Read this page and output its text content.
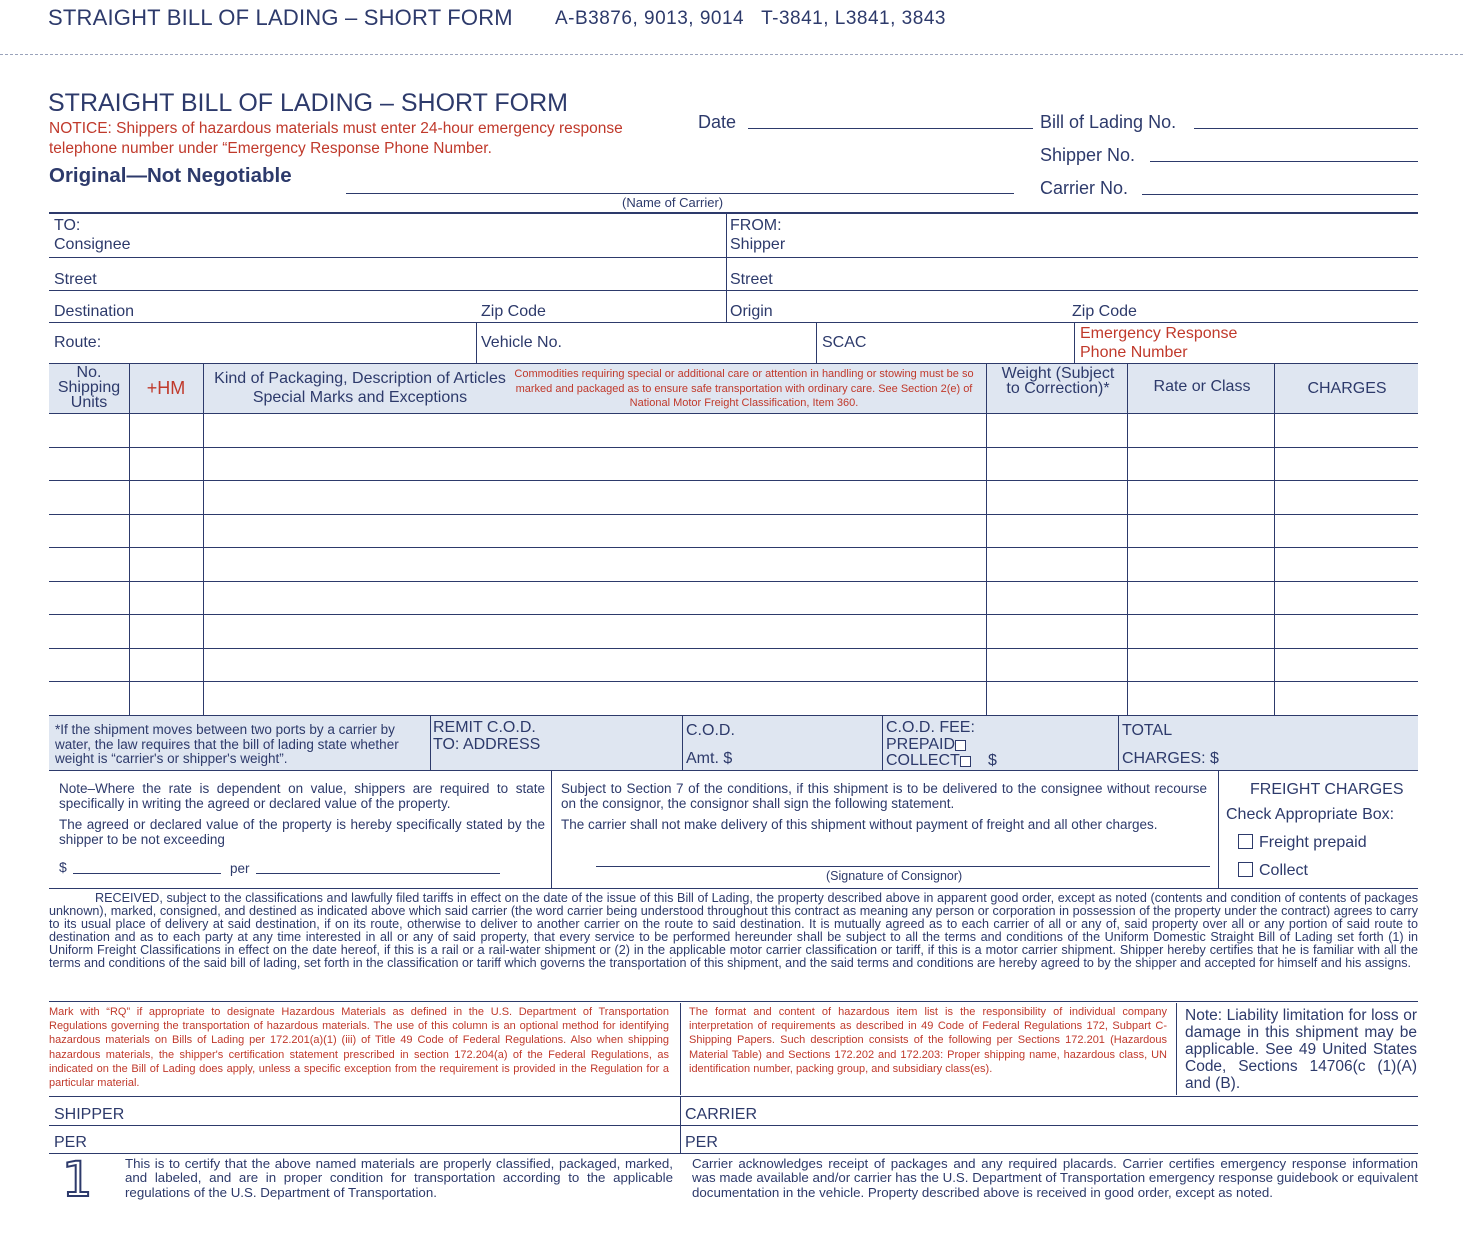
STRAIGHT BILL OF LADING – SHORT FORM A-B3876, 9013, 9014   T-3841, L3841, 3843
STRAIGHT BILL OF LADING – SHORT FORM
NOTICE: Shippers of hazardous materials must enter 24-hour emergency response telephone number under “Emergency Response Phone Number.
Original—Not Negotiable
Date
(Name of Carrier)
Bill of Lading No.
Shipper No.
Carrier No.
TO:
Consignee
FROM:
Shipper
Street	Street
Destination	Zip Code	Origin	Zip Code
Route:	Vehicle No.	SCAC
Emergency Response Phone Number
No. Shipping Units
+HM	Kind of Packaging, Description of Articles Special Marks and Exceptions
Commodities requiring special or additional care or attention in handling or stowing must be so marked and packaged as to ensure safe transportation with ordinary care. See Section 2(e) of National Motor Freight Classification, Item 360.
Weight (Subject to Correction)*	Rate or Class	CHARGES
*If the shipment moves between two ports by a carrier by water, the law requires that the bill of lading state whether weight is “carrier's or shipper's weight”.
REMIT C.O.D. TO: ADDRESS
C.O.D.
Amt. $
C.O.D. FEE:
PREPAID
COLLECT	$
TOTAL
CHARGES: $
Note–Where the rate is dependent on value, shippers are required to state specifically in writing the agreed or declared value of the property.
The agreed or declared value of the property is hereby specifically stated by the shipper to be not exceeding
$	per
Subject to Section 7 of the conditions, if this shipment is to be delivered to the consignee without recourse on the consignor, the consignor shall sign the following statement.
The carrier shall not make delivery of this shipment without payment of freight and all other charges.
(Signature of Consignor)
FREIGHT CHARGES
Check Appropriate Box:
Freight prepaid
Collect
RECEIVED, subject to the classifications and lawfully filed tariffs in effect on the date of the issue of this Bill of Lading, the property described above in apparent good order, except as noted (contents and condition of contents of packages unknown), marked, consigned, and destined as indicated above which said carrier (the word carrier being understood throughout this contract as meaning any person or corporation in possession of the property under the contract) agrees to carry to its usual place of delivery at said destination, if on its route, otherwise to deliver to another carrier on the route to said destination. It is mutually agreed as to each carrier of all or any of, said property over all or any portion of said route to destination and as to each party at any time interested in all or any of said property, that every service to be performed hereunder shall be subject to all the terms and conditions of the Uniform Domestic Straight Bill of Lading set forth (1) in Uniform Freight Classifications in effect on the date hereof, if this is a rail or a rail-water shipment or (2) in the applicable motor carrier classification or tariff, if this is a motor carrier shipment. Shipper hereby certifies that he is familiar with all the terms and conditions of the said bill of lading, set forth in the classification or tariff which governs the transportation of this shipment, and the said terms and conditions are hereby agreed to by the shipper and accepted for himself and his assigns.
Mark with “RQ” if appropriate to designate Hazardous Materials as defined in the U.S. Department of Transportation Regulations governing the transportation of hazardous materials. The use of this column is an optional method for identifying hazardous materials on Bills of Lading per 172.201(a)(1) (iii) of Title 49 Code of Federal Regulations. Also when shipping hazardous materials, the shipper's certification statement prescribed in section 172.204(a) of the Federal Regulations, as indicated on the Bill of Lading does apply, unless a specific exception from the requirement is provided in the Regulation for a particular material.
The format and content of hazardous item list is the responsibility of individual company interpretation of requirements as described in 49 Code of Federal Regulations 172, Subpart C-Shipping Papers. Such description consists of the following per Sections 172.201 (Hazardous Material Table) and Sections 172.202 and 172.203: Proper shipping name, hazardous class, UN identification number, packing group, and subsidiary class(es).
Note: Liability limitation for loss or damage in this shipment may be applicable. See 49 United States Code, Sections 14706(c (1)(A) and (B).
SHIPPER	CARRIER
PER	PER
1 This is to certify that the above named materials are properly classified, packaged, marked, and labeled, and are in proper condition for transportation according to the applicable regulations of the U.S. Department of Transportation.
Carrier acknowledges receipt of packages and any required placards. Carrier certifies emergency response information was made available and/or carrier has the U.S. Department of Transportation emergency response guidebook or equivalent documentation in the vehicle. Property described above is received in good order, except as noted.
